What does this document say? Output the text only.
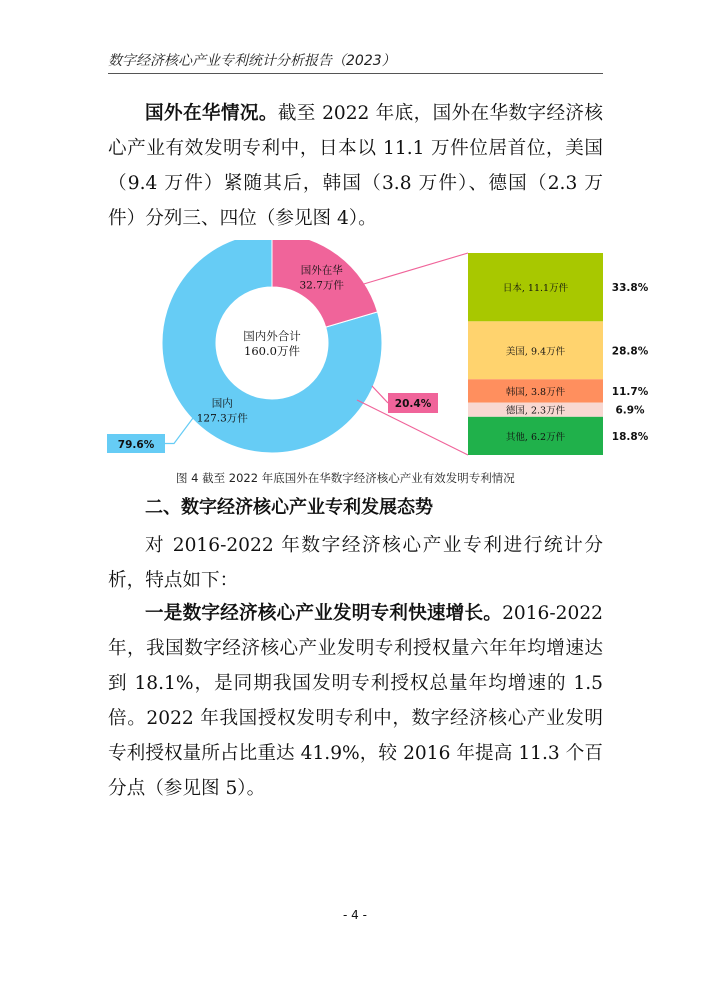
数字经济核心产业专利统计分析报告（2023）
国外在华情况。截至 2022 年底，国外在华数字经济核心产业有效发明专利中，日本以 11.1 万件位居首位，美国（9.4 万件）紧随其后，韩国（3.8 万件）、德国（2.3 万件）分列三、四位（参见图 4）。
国内 127.3万件
国外在华 32.7万件
国内外合计 160.0万件
79.6%
20.4%
日本, 11.1万件	33.8%
美国, 9.4万件	28.8%
韩国, 3.8万件	11.7%
德国, 2.3万件	6.9%
其他, 6.2万件	18.8%
图 4 截至 2022 年底国外在华数字经济核心产业有效发明专利情况
二、数字经济核心产业专利发展态势
对 2016-2022 年数字经济核心产业专利进行统计分析，特点如下：
一是数字经济核心产业发明专利快速增长。2016-2022 年，我国数字经济核心产业发明专利授权量六年年均增速达到 18.1%，是同期我国发明专利授权总量年均增速的 1.5 倍。2022 年我国授权发明专利中，数字经济核心产业发明专利授权量所占比重达 41.9%，较 2016 年提高 11.3 个百分点（参见图 5）。
- 4 -
